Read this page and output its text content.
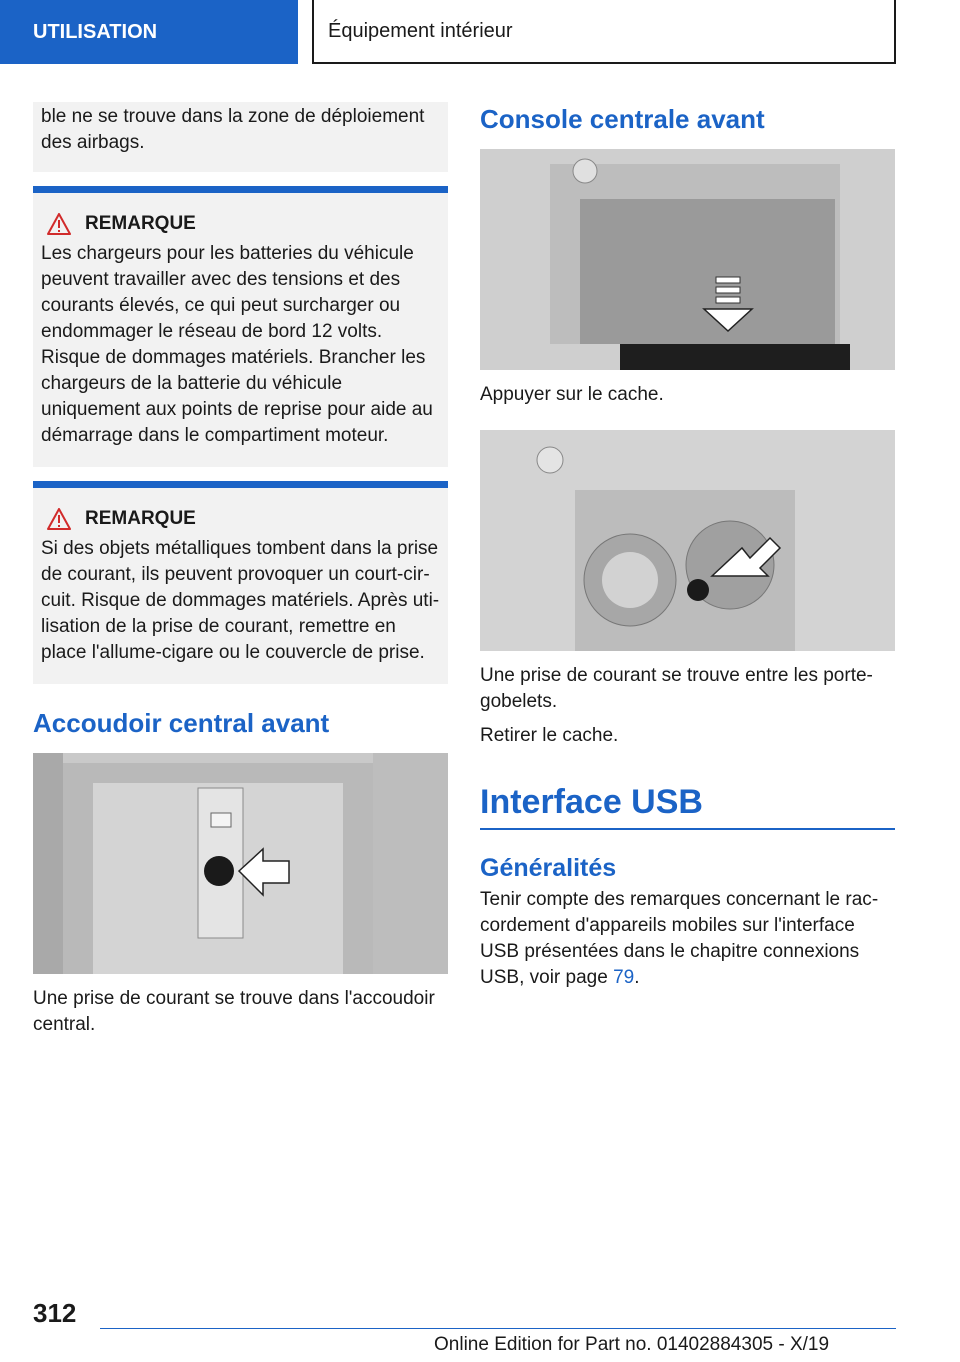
UTILISATION	Équipement intérieur
ble ne se trouve dans la zone de déploiement des airbags.
REMARQUE
Les chargeurs pour les batteries du véhicule peuvent travailler avec des tensions et des courants élevés, ce qui peut surcharger ou endommager le réseau de bord 12 volts. Risque de dommages matériels. Brancher les chargeurs de la batterie du véhicule uniquement aux points de reprise pour aide au démarrage dans le compartiment moteur.
REMARQUE
Si des objets métalliques tombent dans la prise de courant, ils peuvent provoquer un court-circuit. Risque de dommages matériels. Après utilisation de la prise de courant, remettre en place l'allume-cigare ou le couvercle de prise.
Accoudoir central avant
Une prise de courant se trouve dans l'accoudoir central.
Console centrale avant
Appuyer sur le cache.
Une prise de courant se trouve entre les porte-gobelets.
Retirer le cache.
Interface USB
Généralités
Tenir compte des remarques concernant le raccordement d'appareils mobiles sur l'interface USB présentées dans le chapitre connexions USB, voir page 79.
312
Online Edition for Part no. 01402884305 - X/19
